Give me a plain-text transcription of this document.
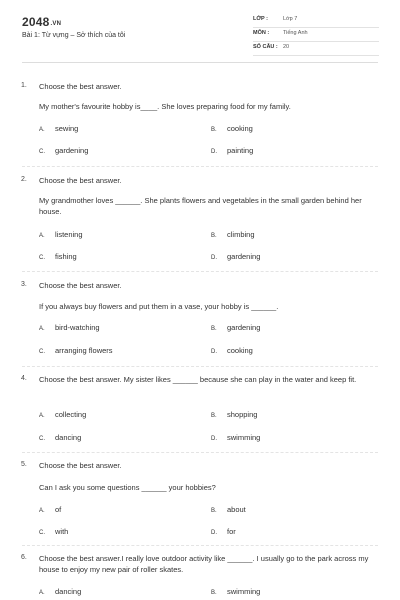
2048.VN
Bài 1: Từ vựng – Sở thích của tôi
LỚP :	Lớp 7
MÔN :	Tiếng Anh
SỐ CÂU : 20
1. Choose the best answer.
My mother's favourite hobby is____. She loves preparing food for my family.
A. sewing	B. cooking
C. gardening	D. painting
2. Choose the best answer.
My grandmother loves ______. She plants flowers and vegetables in the small garden behind her house.
A. listening	B. climbing
C. fishing	D. gardening
3. Choose the best answer.
If you always buy flowers and put them in a vase, your hobby is ______.
A. bird-watching	B. gardening
C. arranging flowers	D. cooking
4. Choose the best answer. My sister likes ______ because she can play in the water and keep fit.
A. collecting	B. shopping
C. dancing	D. swimming
5. Choose the best answer.
Can I ask you some questions ______ your hobbies?
A. of	B. about
C. with	D. for
6. Choose the best answer.I really love outdoor activity like ______. I usually go to the park across my house to enjoy my new pair of roller skates.
A. dancing	B. swimming
